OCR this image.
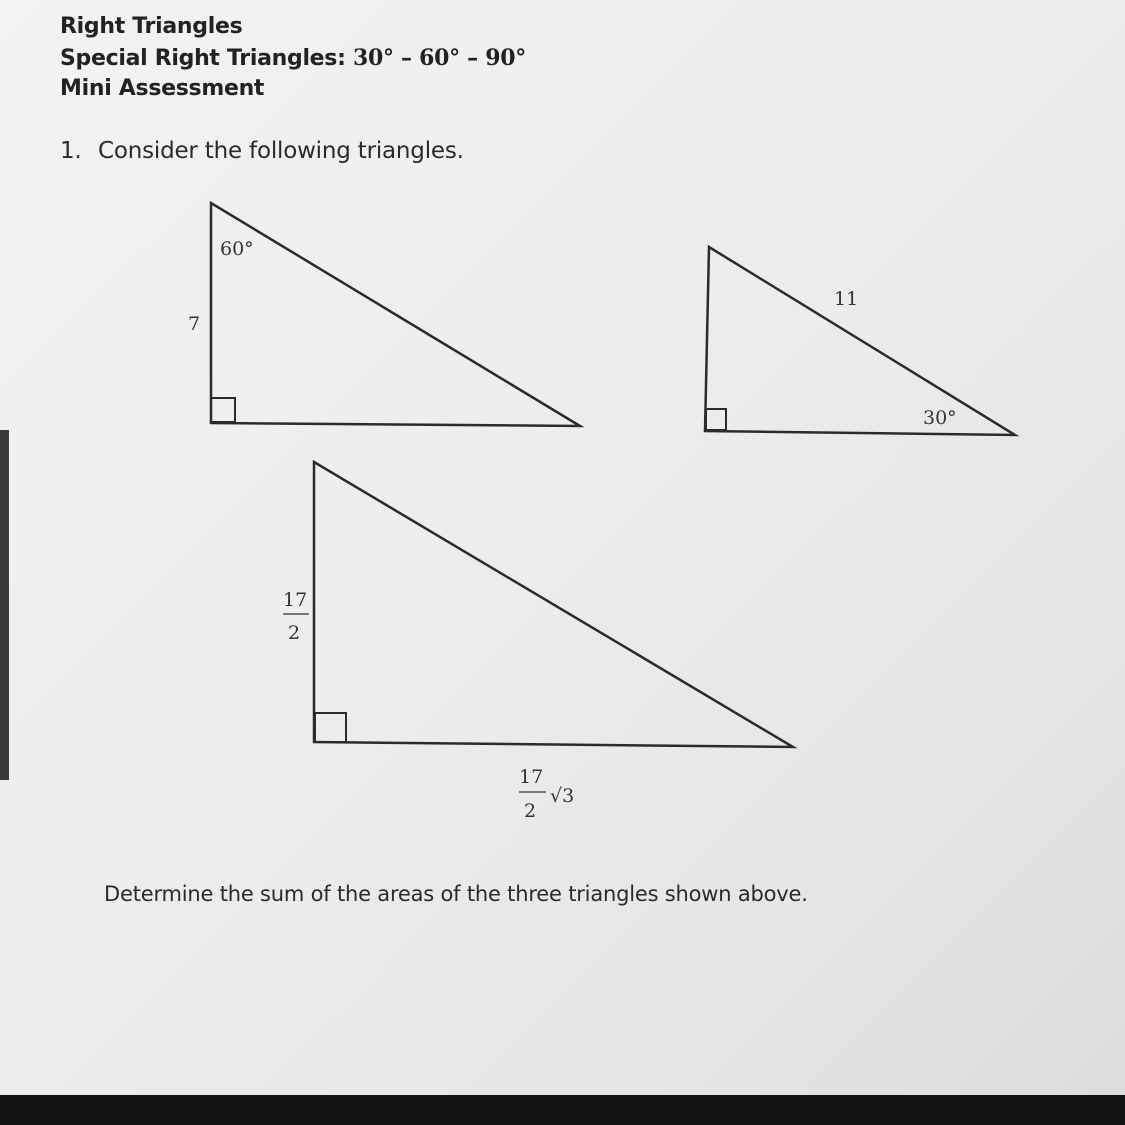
Right Triangles
Special Right Triangles: 30° – 60° – 90°
Mini Assessment
1. Consider the following triangles.
60°
7
11
30°
17
2
17
2
√3
Determine the sum of the areas of the three triangles shown above.
